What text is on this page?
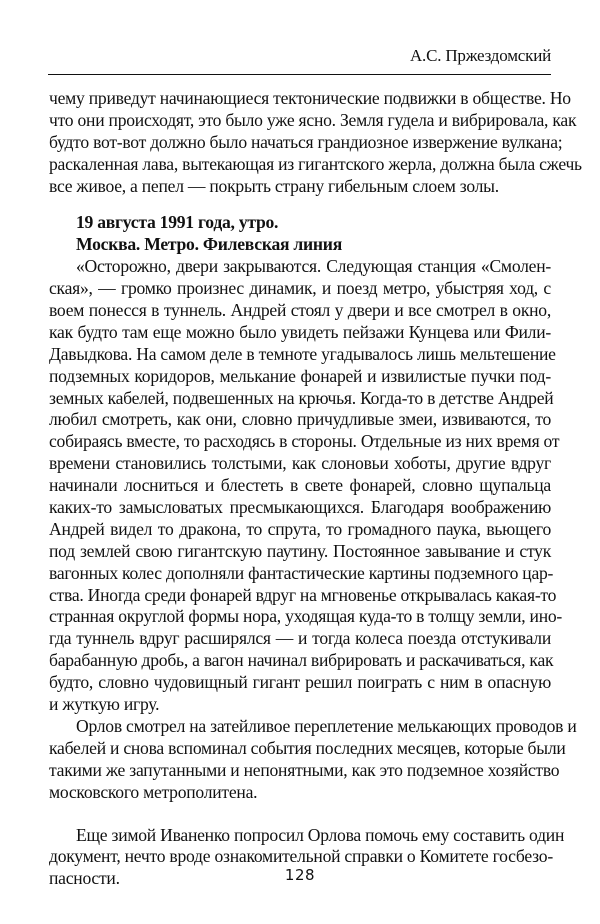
А.С. Пржездомский
чему приведут начинающиеся тектонические подвижки в обществе. Но
что они происходят, это было уже ясно. Земля гудела и вибрировала, как
будто вот-вот должно было начаться грандиозное извержение вулкана;
раскаленная лава, вытекающая из гигантского жерла, должна была сжечь
все живое, а пепел — покрыть страну гибельным слоем золы.
19 августа 1991 года, утро.
Москва. Метро. Филевская линия
«Осторожно, двери закрываются. Следующая станция «Смолен-
ская», — громко произнес динамик, и поезд метро, убыстряя ход, с
воем понесся в туннель. Андрей стоял у двери и все смотрел в окно,
как будто там еще можно было увидеть пейзажи Кунцева или Фили-
Давыдкова. На самом деле в темноте угадывалось лишь мельтешение
подземных коридоров, мелькание фонарей и извилистые пучки под-
земных кабелей, подвешенных на крючья. Когда-то в детстве Андрей
любил смотреть, как они, словно причудливые змеи, извиваются, то
собираясь вместе, то расходясь в стороны. Отдельные из них время от
времени становились толстыми, как слоновьи хоботы, другие вдруг
начинали лосниться и блестеть в свете фонарей, словно щупальца
каких-то замысловатых пресмыкающихся. Благодаря воображению
Андрей видел то дракона, то спрута, то громадного паука, вьющего
под землей свою гигантскую паутину. Постоянное завывание и стук
вагонных колес дополняли фантастические картины подземного цар-
ства. Иногда среди фонарей вдруг на мгновенье открывалась какая-то
странная округлой формы нора, уходящая куда-то в толщу земли, ино-
гда туннель вдруг расширялся — и тогда колеса поезда отстукивали
барабанную дробь, а вагон начинал вибрировать и раскачиваться, как
будто, словно чудовищный гигант решил поиграть с ним в опасную
и жуткую игру.
Орлов смотрел на затейливое переплетение мелькающих проводов и
кабелей и снова вспоминал события последних месяцев, которые были
такими же запутанными и непонятными, как это подземное хозяйство
московского метрополитена.
Еще зимой Иваненко попросил Орлова помочь ему составить один
документ, нечто вроде ознакомительной справки о Комитете госбезо-
пасности.	128
